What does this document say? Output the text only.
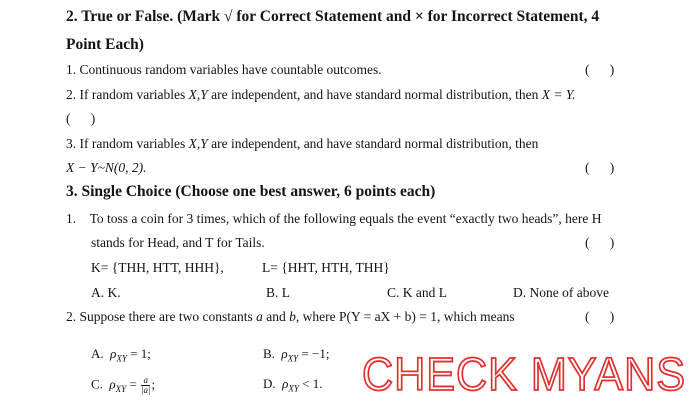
2. True or False. (Mark √ for Correct Statement and × for Incorrect Statement, 4
Point Each)
1. Continuous random variables have countable outcomes.	(  )
2. If random variables X,Y are independent, and have standard normal distribution, then X = Y.
(  )
3. If random variables X,Y are independent, and have standard normal distribution, then
X − Y~N(0, 2).	(  )
3. Single Choice (Choose one best answer, 6 points each)
1. To toss a coin for 3 times, which of the following equals the event “exactly two heads”, here H
stands for Head, and T for Tails.	(  )
K= {THH, HTT, HHH},	L= {HHT, HTH, THH}
A. K.	B. L	C. K and L	D. None of above
2. Suppose there are two constants a and b, where P(Y = aX + b) = 1, which means	(  )
A. $\rho_{XY} = 1$;	B. $\rho_{XY} = -1$;
C. $\rho_{XY} = \frac{a}{|a|}$ ;	D. $\rho_{XY} < 1$. CHECK MYANS
